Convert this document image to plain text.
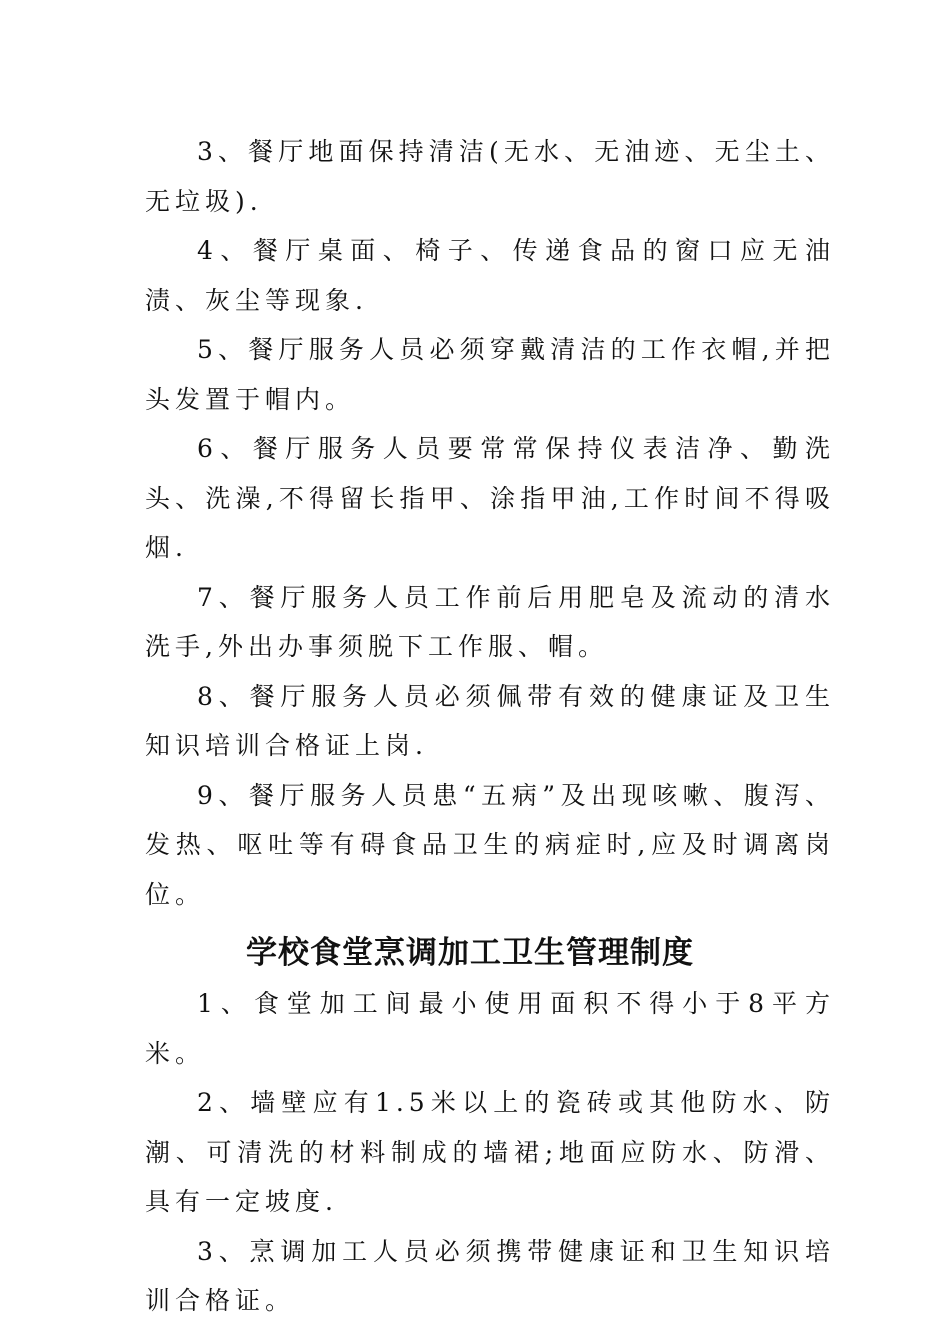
3、餐厅地面保持清洁(无水、无油迹、无尘土、无垃圾).

4、餐厅桌面、椅子、传递食品的窗口应无油渍、灰尘等现象.

5、餐厅服务人员必须穿戴清洁的工作衣帽,并把头发置于帽内。

6、餐厅服务人员要常常保持仪表洁净、勤洗头、洗澡,不得留长指甲、涂指甲油,工作时间不得吸烟.

7、餐厅服务人员工作前后用肥皂及流动的清水洗手,外出办事须脱下工作服、帽。

8、餐厅服务人员必须佩带有效的健康证及卫生知识培训合格证上岗.

9、餐厅服务人员患“五病”及出现咳嗽、腹泻、发热、呕吐等有碍食品卫生的病症时,应及时调离岗位。

学校食堂烹调加工卫生管理制度

1、食堂加工间最小使用面积不得小于8平方米。

2、墙壁应有1.5米以上的瓷砖或其他防水、防潮、可清洗的材料制成的墙裙;地面应防水、防滑、具有一定坡度.

3、烹调加工人员必须携带健康证和卫生知识培训合格证。
